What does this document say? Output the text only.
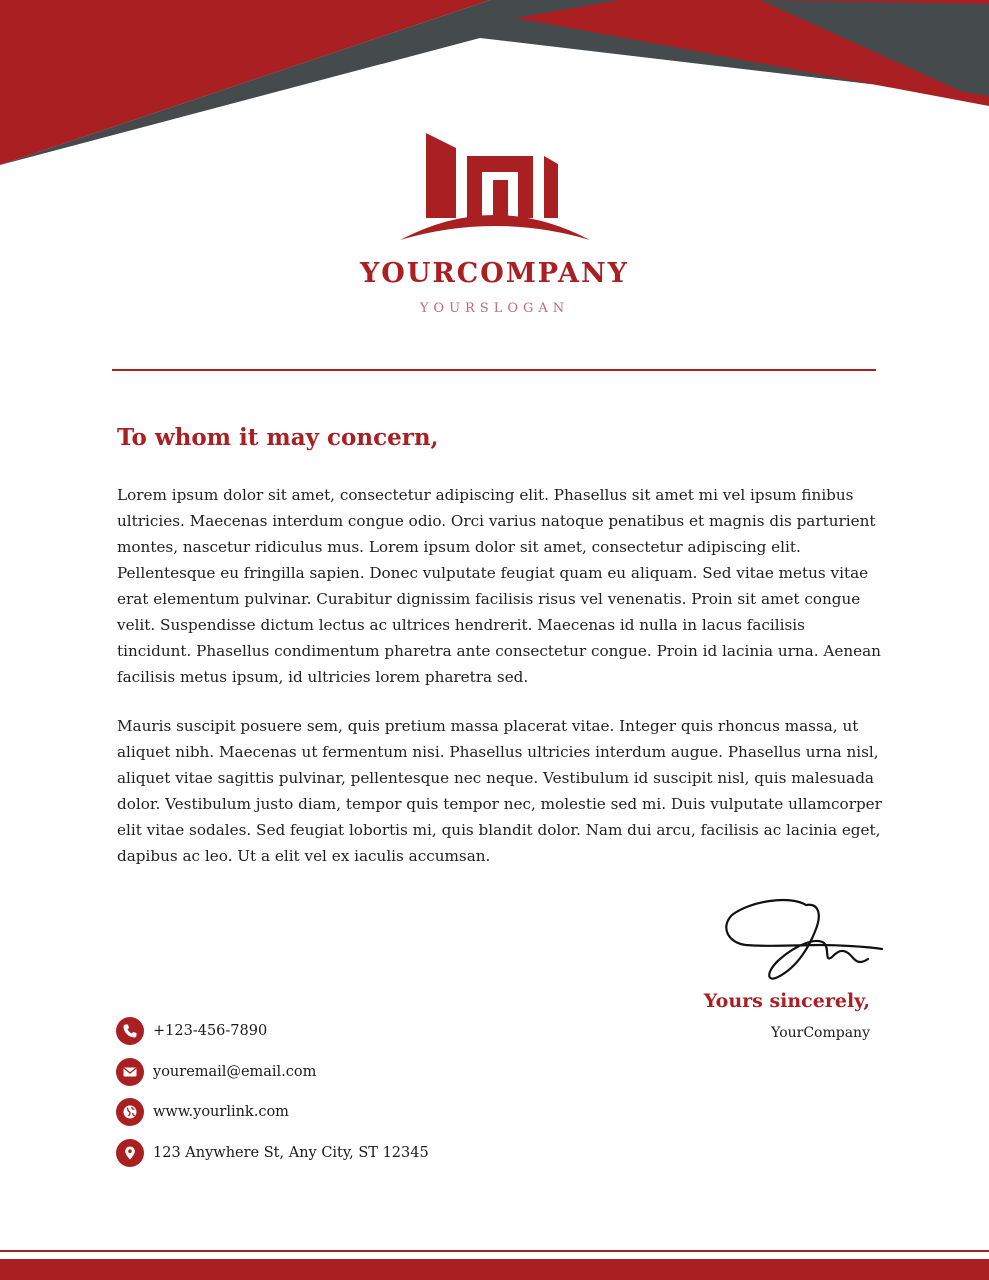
YOURCOMPANY
YOURSLOGAN
To whom it may concern,

Lorem ipsum dolor sit amet, consectetur adipiscing elit. Phasellus sit amet mi vel ipsum finibus ultricies. Maecenas interdum congue odio. Orci varius natoque penatibus et magnis dis parturient montes, nascetur ridiculus mus. Lorem ipsum dolor sit amet, consectetur adipiscing elit. Pellentesque eu fringilla sapien. Donec vulputate feugiat quam eu aliquam. Sed vitae metus vitae erat elementum pulvinar. Curabitur dignissim facilisis risus vel venenatis. Proin sit amet congue velit. Suspendisse dictum lectus ac ultrices hendrerit. Maecenas id nulla in lacus facilisis tincidunt. Phasellus condimentum pharetra ante consectetur congue. Proin id lacinia urna. Aenean facilisis metus ipsum, id ultricies lorem pharetra sed.

Mauris suscipit posuere sem, quis pretium massa placerat vitae. Integer quis rhoncus massa, ut aliquet nibh. Maecenas ut fermentum nisi. Phasellus ultricies interdum augue. Phasellus urna nisl, aliquet vitae sagittis pulvinar, pellentesque nec neque. Vestibulum id suscipit nisl, quis malesuada dolor. Vestibulum justo diam, tempor quis tempor nec, molestie sed mi. Duis vulputate ullamcorper elit vitae sodales. Sed feugiat lobortis mi, quis blandit dolor. Nam dui arcu, facilisis ac lacinia eget, dapibus ac leo. Ut a elit vel ex iaculis accumsan.

Yours sincerely,
YourCompany
+123-456-7890
youremail@email.com
www.yourlink.com
123 Anywhere St, Any City, ST 12345
